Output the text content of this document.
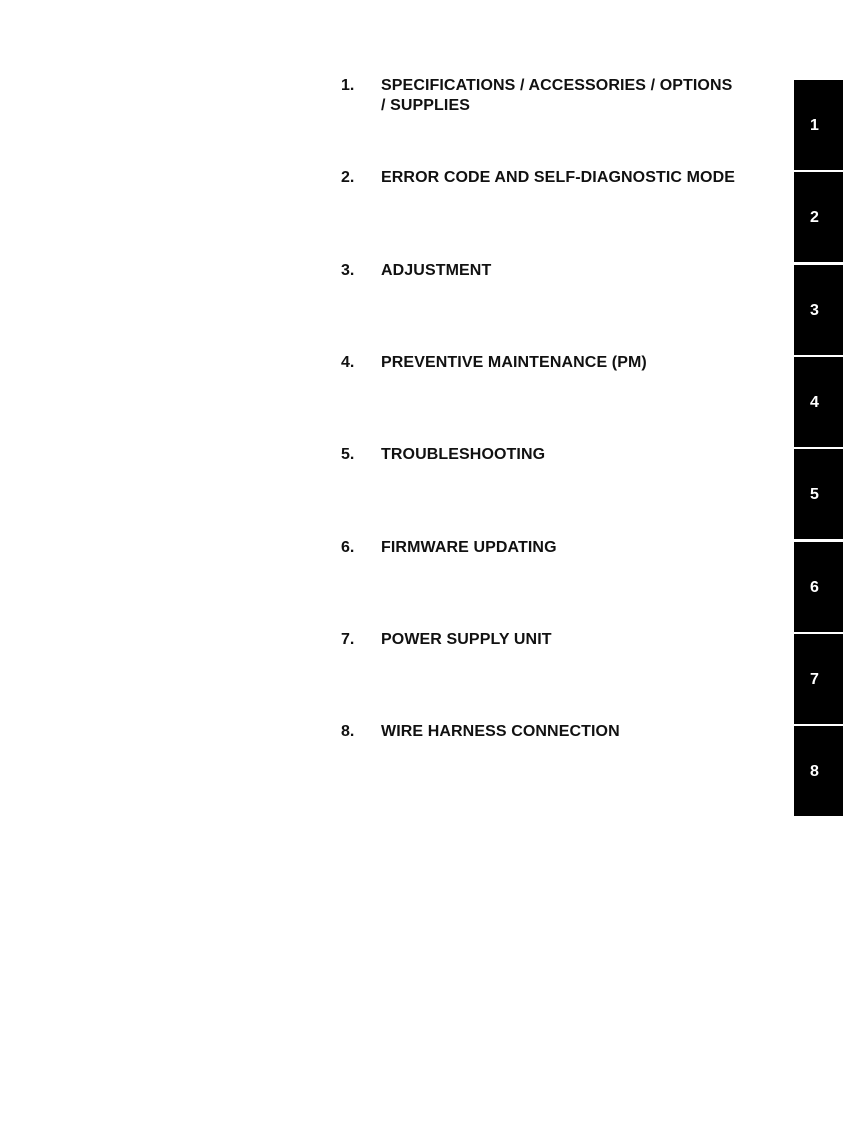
1.	SPECIFICATIONS / ACCESSORIES / OPTIONS / SUPPLIES
2.	ERROR CODE AND SELF-DIAGNOSTIC MODE
3.	ADJUSTMENT
4.	PREVENTIVE MAINTENANCE (PM)
5.	TROUBLESHOOTING
6.	FIRMWARE UPDATING
7.	POWER SUPPLY UNIT
8.	WIRE HARNESS CONNECTION
1
2
3
4
5
6
7
8
